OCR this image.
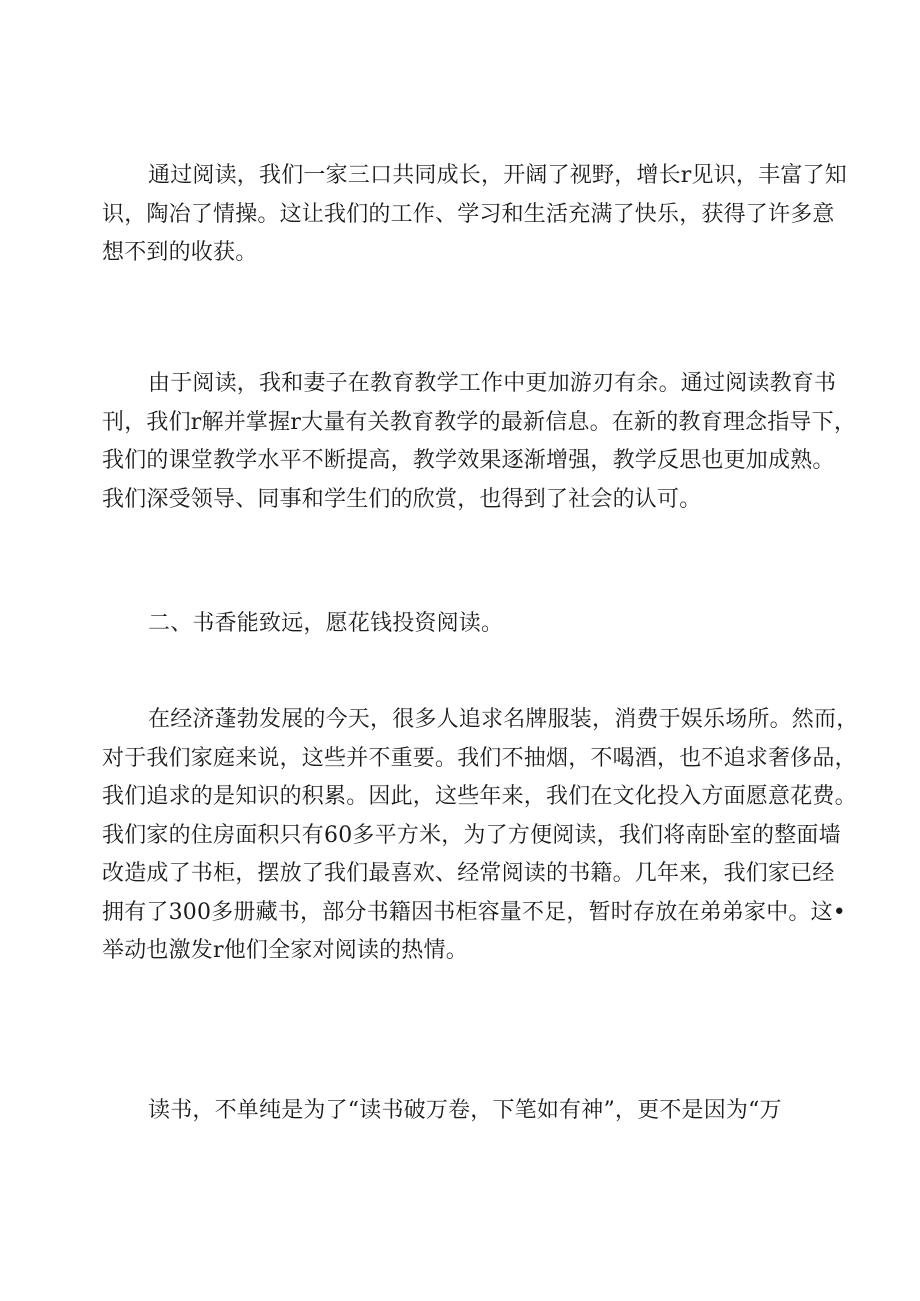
通过阅读，我们一家三口共同成长，开阔了视野，增长r见识，丰富了知
识，陶冶了情操。这让我们的工作、学习和生活充满了快乐，获得了许多意
想不到的收获。
由于阅读，我和妻子在教育教学工作中更加游刃有余。通过阅读教育书
刊，我们r解并掌握r大量有关教育教学的最新信息。在新的教育理念指导下，
我们的课堂教学水平不断提高，教学效果逐渐增强，教学反思也更加成熟。
我们深受领导、同事和学生们的欣赏，也得到了社会的认可。
二、书香能致远，愿花钱投资阅读。
在经济蓬勃发展的今天，很多人追求名牌服装，消费于娱乐场所。然而，
对于我们家庭来说，这些并不重要。我们不抽烟，不喝酒，也不追求奢侈品，
我们追求的是知识的积累。因此，这些年来，我们在文化投入方面愿意花费。
我们家的住房面积只有60多平方米，为了方便阅读，我们将南卧室的整面墙
改造成了书柜，摆放了我们最喜欢、经常阅读的书籍。几年来，我们家已经
拥有了300多册藏书，部分书籍因书柜容量不足，暂时存放在弟弟家中。这•
举动也激发r他们全家对阅读的热情。
读书，不单纯是为了“读书破万卷，下笔如有神”，更不是因为“万
